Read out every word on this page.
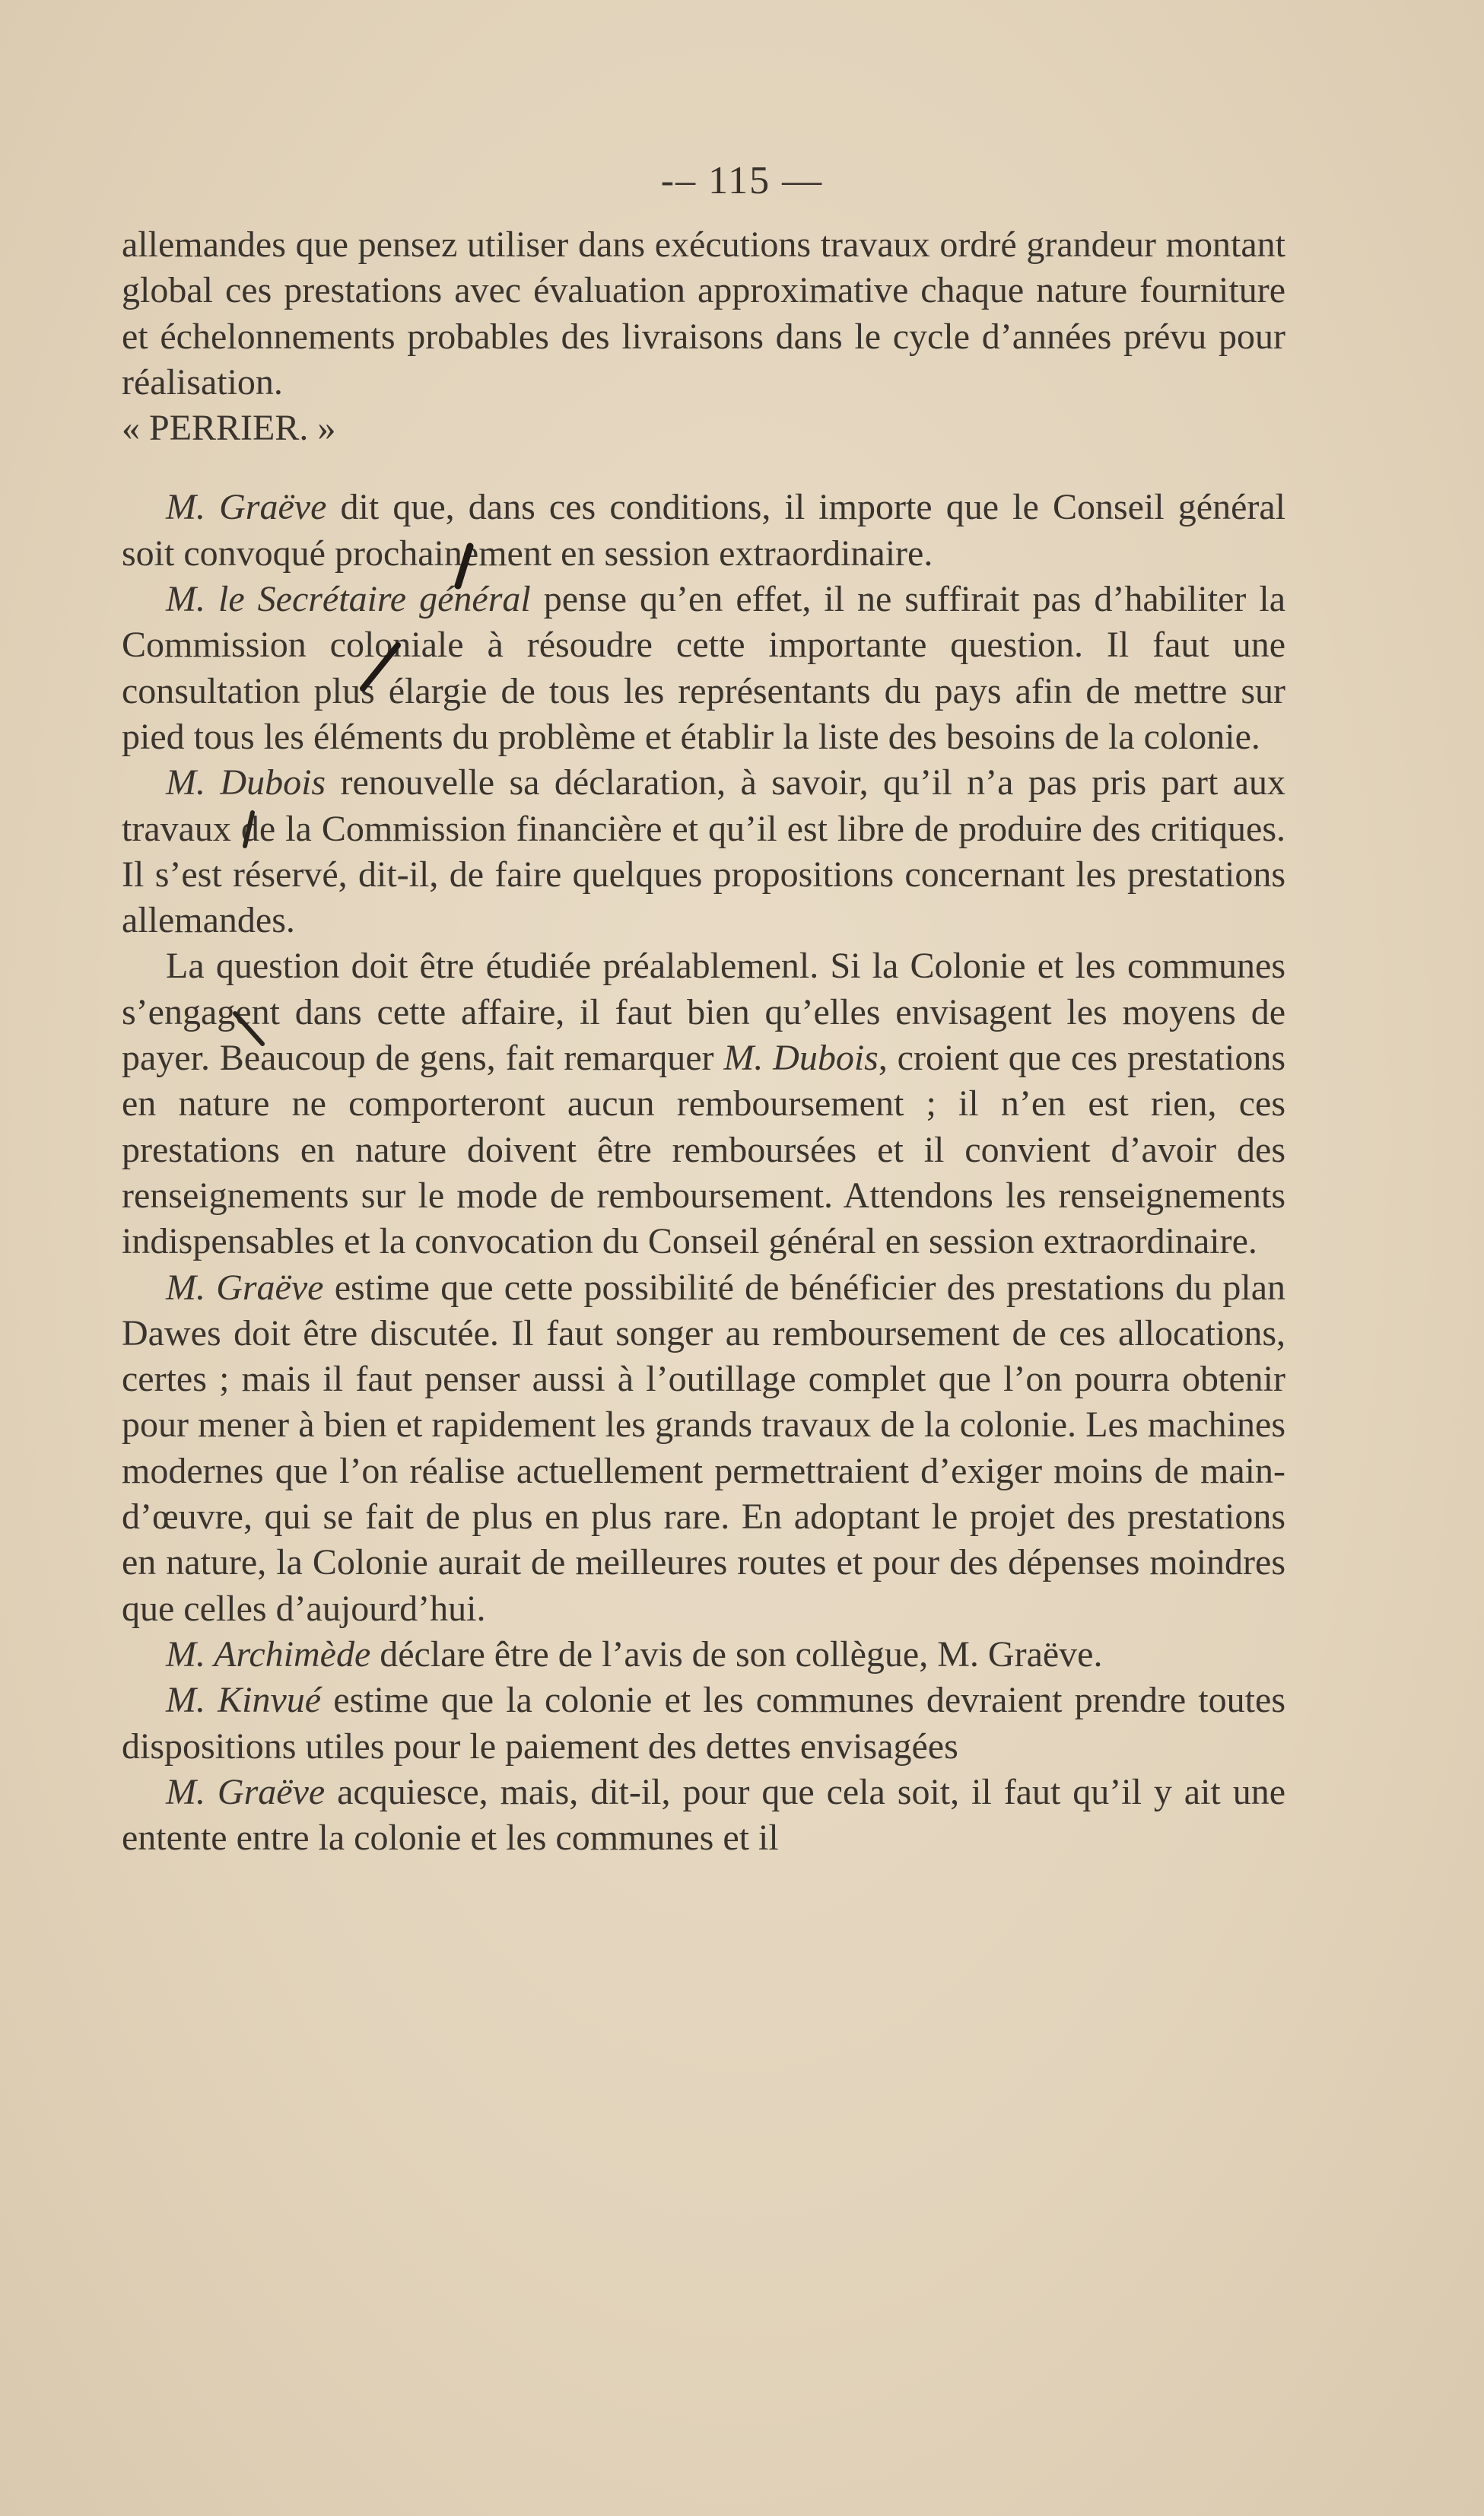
-– 115 —

allemandes que pensez utiliser dans exécutions travaux ordré grandeur montant global ces prestations avec évaluation approximative chaque nature fourniture et échelonnements probables des livraisons dans le cycle d’années prévu pour réalisation.

« PERRIER. »

M. Graëve dit que, dans ces conditions, il importe que le Conseil général soit convoqué prochainement en session extraordinaire.

M. le Secrétaire général pense qu’en effet, il ne suffirait pas d’habiliter la Commission coloniale à résoudre cette importante question. Il faut une consultation plus élargie de tous les représentants du pays afin de mettre sur pied tous les éléments du problème et établir la liste des besoins de la colonie.

M. Dubois renouvelle sa déclaration, à savoir, qu’il n’a pas pris part aux travaux de la Commission financière et qu’il est libre de produire des critiques. Il s’est réservé, dit-il, de faire quelques propositions concernant les prestations allemandes.

La question doit être étudiée préalablemenl. Si la Colonie et les communes s’engagent dans cette affaire, il faut bien qu’elles envisagent les moyens de payer. Beaucoup de gens, fait remarquer M. Dubois, croient que ces prestations en nature ne comporteront aucun remboursement ; il n’en est rien, ces prestations en nature doivent être remboursées et il convient d’avoir des renseignements sur le mode de remboursement. Attendons les renseignements indispensables et la convocation du Conseil général en session extraordinaire.

M. Graëve estime que cette possibilité de bénéficier des prestations du plan Dawes doit être discutée. Il faut songer au remboursement de ces allocations, certes ; mais il faut penser aussi à l’outillage complet que l’on pourra obtenir pour mener à bien et rapidement les grands travaux de la colonie. Les machines modernes que l’on réalise actuellement permettraient d’exiger moins de main-d’œuvre, qui se fait de plus en plus rare. En adoptant le projet des prestations en nature, la Colonie aurait de meilleures routes et pour des dépenses moindres que celles d’aujourd’hui.

M. Archimède déclare être de l’avis de son collègue, M. Graëve.

M. Kinvué estime que la colonie et les communes devraient prendre toutes dispositions utiles pour le paiement des dettes envisagées

M. Graëve acquiesce, mais, dit-il, pour que cela soit, il faut qu’il y ait une entente entre la colonie et les communes et il
